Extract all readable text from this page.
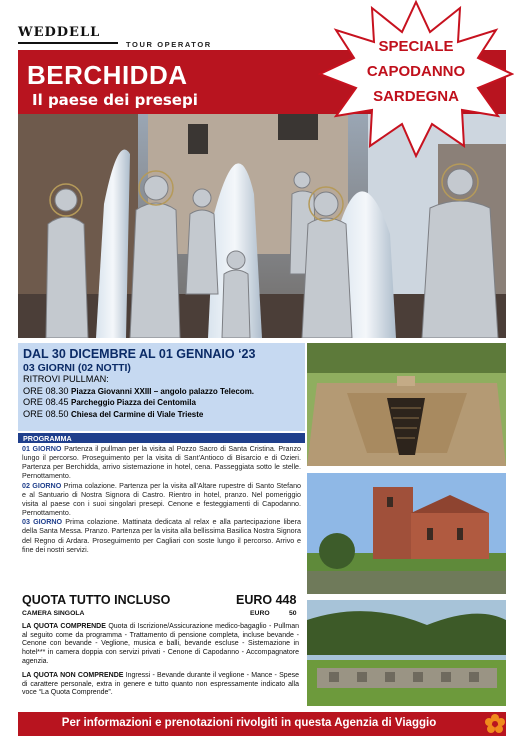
WEDDELL
TOUR OPERATOR
BERCHIDDA
Il paese dei presepi
SPECIALE
CAPODANNO
SARDEGNA
DAL 30 DICEMBRE AL 01 GENNAIO ‘23
03 GIORNI (02 NOTTI)
RITROVI PULLMAN:
ORE 08.30 Piazza Giovanni XXIII – angolo palazzo Telecom.
ORE 08.45 Parcheggio Piazza dei Centomila
ORE 08.50 Chiesa del Carmine di Viale Trieste
PROGRAMMA

01 GIORNO Partenza il pullman per la visita al Pozzo Sacro di Santa Cristina. Pranzo lungo il percorso. Proseguimento per la visita di Sant'Antioco di Bisarcio e di Ozieri. Partenza per Berchidda, arrivo sistemazione in hotel, cena. Passeggiata sotto le stelle. Pernottamento.

02 GIORNO Prima colazione. Partenza per la visita all'Altare rupestre di Santo Stefano e al Santuario di Nostra Signora di Castro. Rientro in hotel, pranzo. Nel pomeriggio visita al paese con i suoi singolari presepi. Cenone e festeggiamenti di Capodanno. Pernottamento.

03 GIORNO Prima colazione. Mattinata dedicata al relax e alla partecipazione libera della Santa Messa. Pranzo. Partenza per la visita alla bellissima Basilica Nostra Signora del Regno di Ardara. Proseguimento per Cagliari con soste lungo il percorso. Arrivo e fine dei nostri servizi.

QUOTA TUTTO INCLUSO	EURO 448
CAMERA SINGOLA	EURO	50
LA QUOTA COMPRENDE Quota di Iscrizione/Assicurazione medico-bagaglio - Pullman al seguito come da programma - Trattamento di pensione completa, incluse bevande - Cenone con bevande - Veglione, musica e balli, bevande escluse - Sistemazione in hotel*** in camera doppia con servizi privati - Cenone di Capodanno - Accompagnatore agenzia.
LA QUOTA NON COMPRENDE Ingressi - Bevande durante il veglione - Mance - Spese di carattere personale, extra in genere e tutto quanto non espressamente indicato alla voce “La Quota Comprende”.
Per informazioni e prenotazioni rivolgiti in questa Agenzia di Viaggio
